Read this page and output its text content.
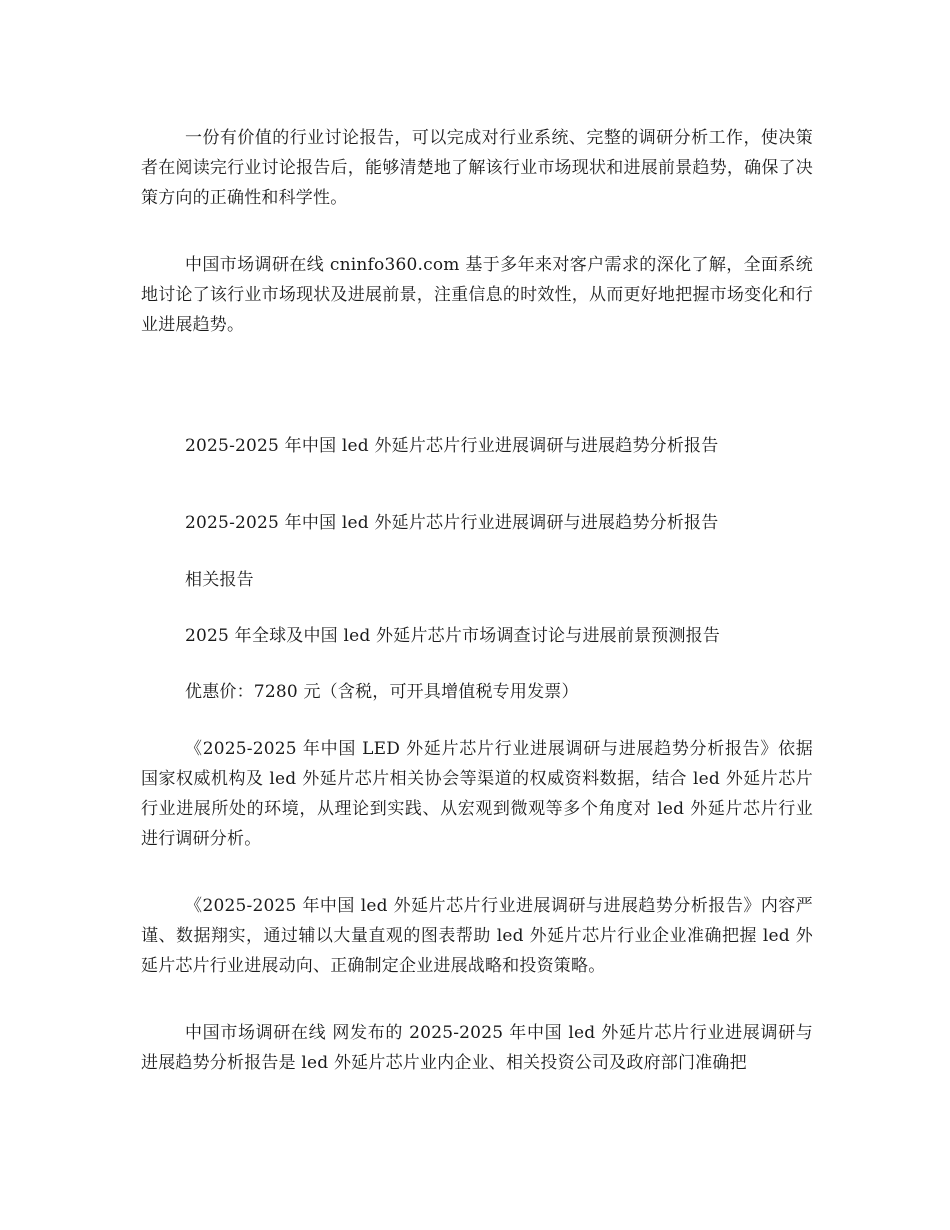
一份有价值的行业讨论报告，可以完成对行业系统、完整的调研分析工作，使决策者在阅读完行业讨论报告后，能够清楚地了解该行业市场现状和进展前景趋势，确保了决策方向的正确性和科学性。

中国市场调研在线 cninfo360.com 基于多年来对客户需求的深化了解，全面系统地讨论了该行业市场现状及进展前景，注重信息的时效性，从而更好地把握市场变化和行业进展趋势。

2025-2025 年中国 led 外延片芯片行业进展调研与进展趋势分析报告

2025-2025 年中国 led 外延片芯片行业进展调研与进展趋势分析报告

相关报告

2025 年全球及中国 led 外延片芯片市场调查讨论与进展前景预测报告

优惠价：7280 元（含税，可开具增值税专用发票）

《2025-2025 年中国 LED 外延片芯片行业进展调研与进展趋势分析报告》依据国家权威机构及 led 外延片芯片相关协会等渠道的权威资料数据，结合 led 外延片芯片行业进展所处的环境，从理论到实践、从宏观到微观等多个角度对 led 外延片芯片行业进行调研分析。

《2025-2025 年中国 led 外延片芯片行业进展调研与进展趋势分析报告》内容严谨、数据翔实，通过辅以大量直观的图表帮助 led 外延片芯片行业企业准确把握 led 外延片芯片行业进展动向、正确制定企业进展战略和投资策略。

中国市场调研在线 网发布的 2025-2025 年中国 led 外延片芯片行业进展调研与进展趋势分析报告是 led 外延片芯片业内企业、相关投资公司及政府部门准确把
